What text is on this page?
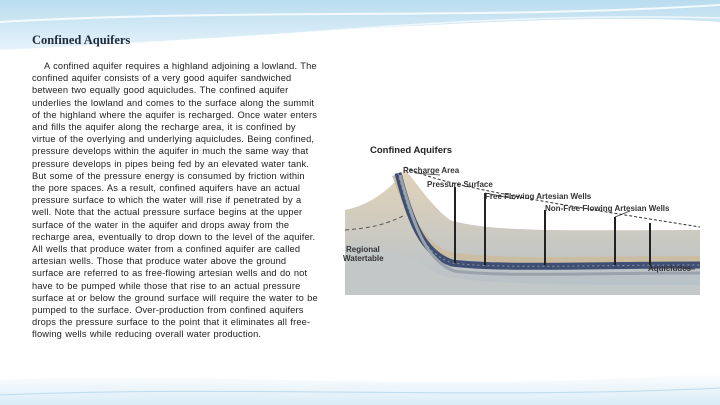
Confined Aquifers
A confined aquifer requires a highland adjoining a lowland. The confined aquifer consists of a very good aquifer sandwiched between two equally good aquicludes. The confined aquifer underlies the lowland and comes to the surface along the summit of the highland where the aquifer is recharged. Once water enters and fills the aquifer along the recharge area, it is confined by virtue of the overlying and underlying aquicludes. Being confined, pressure develops within the aquifer in much the same way that pressure develops in pipes being fed by an elevated water tank. But some of the pressure energy is consumed by friction within the pore spaces. As a result, confined aquifers have an actual pressure surface to which the water will rise if penetrated by a well. Note that the actual pressure surface begins at the upper surface of the water in the aquifer and drops away from the recharge area, eventually to drop down to the level of the aquifer. All wells that produce water from a confined aquifer are called artesian wells. Those that produce water above the ground surface are referred to as free-flowing artesian wells and do not have to be pumped while those that rise to an actual pressure surface at or below the ground surface will require the water to be pumped to the surface. Over-production from confined aquifers drops the pressure surface to the point that it eliminates all free-flowing wells while reducing overall water production.
Confined Aquifers
Recharge Area
Pressure Surface
Free Flowing Artesian Wells
Non-Free Flowing Artesian Wells
Regional
Watertable
Aquicludes
